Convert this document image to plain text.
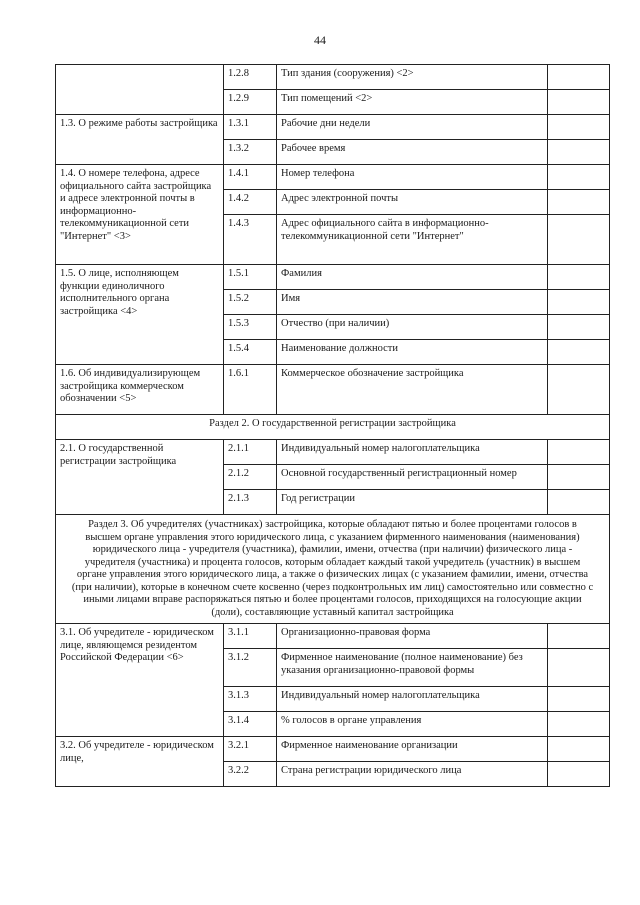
44
	1.2.8	Тип здания (сооружения) <2>	
	1.2.9	Тип помещений <2>	
1.3. О режиме работы застройщика	1.3.1	Рабочие дни недели	
	1.3.2	Рабочее время	
1.4. О номере телефона, адресе официального сайта застройщика и адресе электронной почты в информационно-телекоммуникационной сети "Интернет" <3>	1.4.1	Номер телефона	
	1.4.2	Адрес электронной почты	
	1.4.3	Адрес официального сайта в информационно-телекоммуникационной сети "Интернет"	
1.5. О лице, исполняющем функции единоличного исполнительного органа застройщика <4>	1.5.1	Фамилия	
	1.5.2	Имя	
	1.5.3	Отчество (при наличии)	
	1.5.4	Наименование должности	
1.6. Об индивидуализирующем застройщика коммерческом обозначении <5>	1.6.1	Коммерческое обозначение застройщика	
Раздел 2. О государственной регистрации застройщика			
2.1. О государственной регистрации застройщика	2.1.1	Индивидуальный номер налогоплательщика	
	2.1.2	Основной государственный регистрационный номер	
	2.1.3	Год регистрации	
Раздел 3. Об учредителях (участниках) застройщика, которые обладают пятью и более процентами голосов в высшем органе управления этого юридического лица, с указанием фирменного наименования (наименования) юридического лица - учредителя (участника), фамилии, имени, отчества (при наличии) физического лица - учредителя (участника) и процента голосов, которым обладает каждый такой учредитель (участник) в высшем органе управления этого юридического лица, а также о физических лицах (с указанием фамилии, имени, отчества (при наличии), которые в конечном счете косвенно (через подконтрольных им лиц) самостоятельно или совместно с иными лицами вправе распоряжаться пятью и более процентами голосов, приходящихся на голосующие акции (доли), составляющие уставный капитал застройщика			
3.1. Об учредителе - юридическом лице, являющемся резидентом Российской Федерации <6>	3.1.1	Организационно-правовая форма	
	3.1.2	Фирменное наименование (полное наименование) без указания организационно-правовой формы	
	3.1.3	Индивидуальный номер налогоплательщика	
	3.1.4	% голосов в органе управления	
3.2. Об учредителе - юридическом лице,	3.2.1	Фирменное наименование организации	
	3.2.2	Страна регистрации юридического лица	
